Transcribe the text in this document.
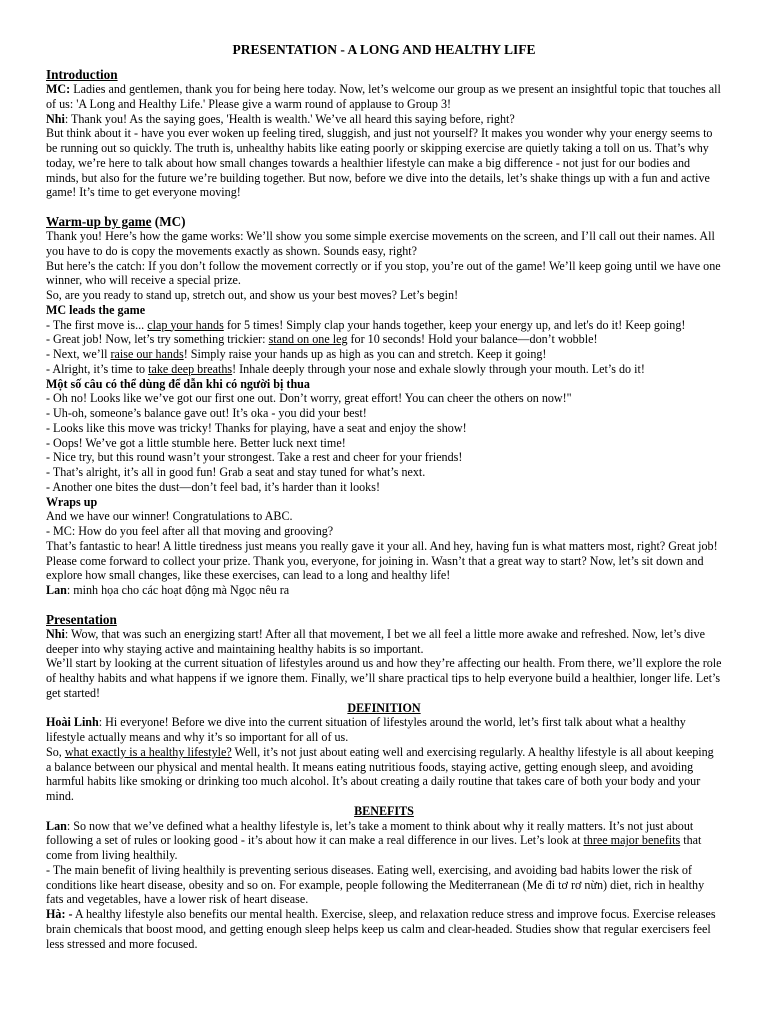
PRESENTATION - A LONG AND HEALTHY LIFE
Introduction

MC: Ladies and gentlemen, thank you for being here today. Now, let’s welcome our group as we present an insightful topic that touches all of us: 'A Long and Healthy Life.' Please give a warm round of applause to Group 3!

Nhi: Thank you! As the saying goes, 'Health is wealth.' We’ve all heard this saying before, right?

But think about it - have you ever woken up feeling tired, sluggish, and just not yourself? It makes you wonder why your energy seems to be running out so quickly. The truth is, unhealthy habits like eating poorly or skipping exercise are quietly taking a toll on us. That’s why today, we’re here to talk about how small changes towards a healthier lifestyle can make a big difference - not just for our bodies and minds, but also for the future we’re building together. But now, before we dive into the details, let’s shake things up with a fun and active game! It’s time to get everyone moving!

Warm-up by game (MC)

Thank you! Here’s how the game works: We’ll show you some simple exercise movements on the screen, and I’ll call out their names. All you have to do is copy the movements exactly as shown. Sounds easy, right?

But here’s the catch: If you don’t follow the movement correctly or if you stop, you’re out of the game! We’ll keep going until we have one winner, who will receive a special prize.

So, are you ready to stand up, stretch out, and show us your best moves? Let’s begin!

MC leads the game

- The first move is... clap your hands for 5 times! Simply clap your hands together, keep your energy up, and let's do it! Keep going!

- Great job! Now, let’s try something trickier: stand on one leg for 10 seconds! Hold your balance—don’t wobble!

- Next, we’ll raise our hands! Simply raise your hands up as high as you can and stretch. Keep it going!

- Alright, it’s time to take deep breaths! Inhale deeply through your nose and exhale slowly through your mouth. Let’s do it!

Một số câu có thể dùng để dẫn khi có người bị thua

- Oh no! Looks like we’ve got our first one out. Don’t worry, great effort! You can cheer the others on now!"

- Uh-oh, someone’s balance gave out! It’s oka - you did your best!

- Looks like this move was tricky! Thanks for playing, have a seat and enjoy the show!

- Oops! We’ve got a little stumble here. Better luck next time!

- Nice try, but this round wasn’t your strongest. Take a rest and cheer for your friends!

- That’s alright, it’s all in good fun! Grab a seat and stay tuned for what’s next.

- Another one bites the dust—don’t feel bad, it’s harder than it looks!

Wraps up

And we have our winner! Congratulations to ABC.

- MC: How do you feel after all that moving and grooving?

That’s fantastic to hear! A little tiredness just means you really gave it your all. And hey, having fun is what matters most, right? Great job! Please come forward to collect your prize. Thank you, everyone, for joining in. Wasn’t that a great way to start? Now, let’s sit down and explore how small changes, like these exercises, can lead to a long and healthy life!

Lan: minh họa cho các hoạt động mà Ngọc nêu ra

Presentation

Nhi: Wow, that was such an energizing start! After all that movement, I bet we all feel a little more awake and refreshed. Now, let’s dive deeper into why staying active and maintaining healthy habits is so important.

We’ll start by looking at the current situation of lifestyles around us and how they’re affecting our health. From there, we’ll explore the role of healthy habits and what happens if we ignore them. Finally, we’ll share practical tips to help everyone build a healthier, longer life. Let’s get started!

DEFINITION

Hoài Linh: Hi everyone! Before we dive into the current situation of lifestyles around the world, let’s first talk about what a healthy lifestyle actually means and why it’s so important for all of us.

So, what exactly is a healthy lifestyle? Well, it’s not just about eating well and exercising regularly. A healthy lifestyle is all about keeping a balance between our physical and mental health. It means eating nutritious foods, staying active, getting enough sleep, and avoiding harmful habits like smoking or drinking too much alcohol. It’s about creating a daily routine that takes care of both your body and your mind.

BENEFITS

Lan: So now that we’ve defined what a healthy lifestyle is, let’s take a moment to think about why it really matters. It’s not just about following a set of rules or looking good - it’s about how it can make a real difference in our lives. Let’s look at three major benefits that come from living healthily.

- The main benefit of living healthily is preventing serious diseases. Eating well, exercising, and avoiding bad habits lower the risk of conditions like heart disease, obesity and so on. For example, people following the Mediterranean (Me đi tơ rơ nừn) diet, rich in healthy fats and vegetables, have a lower risk of heart disease.

Hà: - A healthy lifestyle also benefits our mental health. Exercise, sleep, and relaxation reduce stress and improve focus. Exercise releases brain chemicals that boost mood, and getting enough sleep helps keep us calm and clear-headed. Studies show that regular exercisers feel less stressed and more focused.
